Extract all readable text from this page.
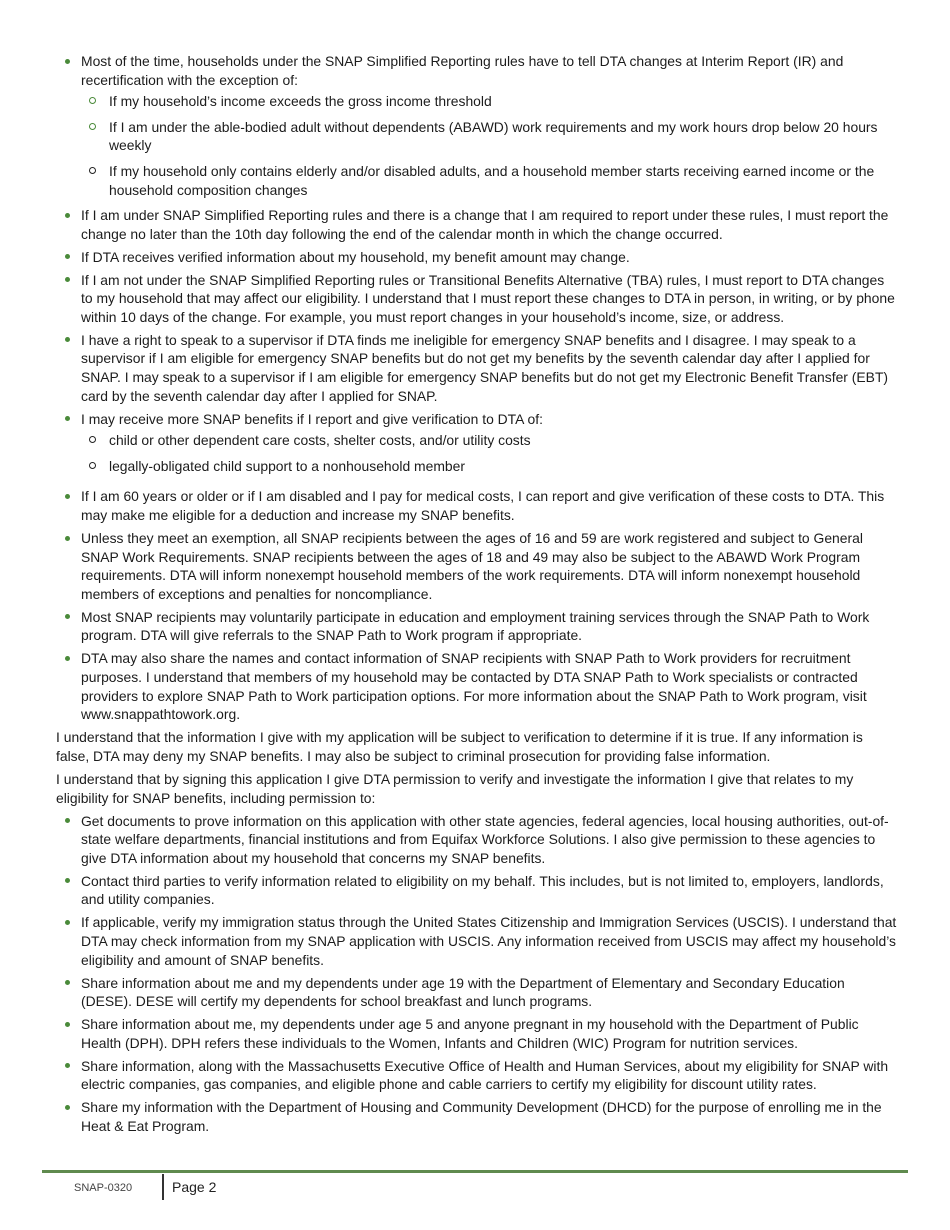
Most of the time, households under the SNAP Simplified Reporting rules have to tell DTA changes at Interim Report (IR) and recertification with the exception of:
If my household’s income exceeds the gross income threshold
If I am under the able-bodied adult without dependents (ABAWD) work requirements and my work hours drop below 20 hours weekly
If my household only contains elderly and/or disabled adults, and a household member starts receiving earned income or the household composition changes
If I am under SNAP Simplified Reporting rules and there is a change that I am required to report under these rules, I must report the change no later than the 10th day following the end of the calendar month in which the change occurred.
If DTA receives verified information about my household, my benefit amount may change.
If I am not under the SNAP Simplified Reporting rules or Transitional Benefits Alternative (TBA) rules, I must report to DTA changes to my household that may affect our eligibility. I understand that I must report these changes to DTA in person, in writing, or by phone within 10 days of the change. For example, you must report changes in your household’s income, size, or address.
I have a right to speak to a supervisor if DTA finds me ineligible for emergency SNAP benefits and I disagree. I may speak to a supervisor if I am eligible for emergency SNAP benefits but do not get my benefits by the seventh calendar day after I applied for SNAP. I may speak to a supervisor if I am eligible for emergency SNAP benefits but do not get my Electronic Benefit Transfer (EBT) card by the seventh calendar day after I applied for SNAP.
I may receive more SNAP benefits if I report and give verification to DTA of:
child or other dependent care costs, shelter costs, and/or utility costs
legally-obligated child support to a nonhousehold member
If I am 60 years or older or if I am disabled and I pay for medical costs, I can report and give verification of these costs to DTA. This may make me eligible for a deduction and increase my SNAP benefits.
Unless they meet an exemption, all SNAP recipients between the ages of 16 and 59 are work registered and subject to General SNAP Work Requirements. SNAP recipients between the ages of 18 and 49 may also be subject to the ABAWD Work Program requirements. DTA will inform nonexempt household members of the work requirements. DTA will inform nonexempt household members of exceptions and penalties for noncompliance.
Most SNAP recipients may voluntarily participate in education and employment training services through the SNAP Path to Work program. DTA will give referrals to the SNAP Path to Work program if appropriate.
DTA may also share the names and contact information of SNAP recipients with SNAP Path to Work providers for recruitment purposes. I understand that members of my household may be contacted by DTA SNAP Path to Work specialists or contracted providers to explore SNAP Path to Work participation options. For more information about the SNAP Path to Work program, visit www.snappathtowork.org.

I understand that the information I give with my application will be subject to verification to determine if it is true. If any information is false, DTA may deny my SNAP benefits. I may also be subject to criminal prosecution for providing false information.

I understand that by signing this application I give DTA permission to verify and investigate the information I give that relates to my eligibility for SNAP benefits, including permission to:

Get documents to prove information on this application with other state agencies, federal agencies, local housing authorities, out-of-state welfare departments, financial institutions and from Equifax Workforce Solutions. I also give permission to these agencies to give DTA information about my household that concerns my SNAP benefits.
Contact third parties to verify information related to eligibility on my behalf. This includes, but is not limited to, employers, landlords, and utility companies.
If applicable, verify my immigration status through the United States Citizenship and Immigration Services (USCIS). I understand that DTA may check information from my SNAP application with USCIS. Any information received from USCIS may affect my household’s eligibility and amount of SNAP benefits.
Share information about me and my dependents under age 19 with the Department of Elementary and Secondary Education (DESE). DESE will certify my dependents for school breakfast and lunch programs.
Share information about me, my dependents under age 5 and anyone pregnant in my household with the Department of Public Health (DPH). DPH refers these individuals to the Women, Infants and Children (WIC) Program for nutrition services.
Share information, along with the Massachusetts Executive Office of Health and Human Services, about my eligibility for SNAP with electric companies, gas companies, and eligible phone and cable carriers to certify my eligibility for discount utility rates.
Share my information with the Department of Housing and Community Development (DHCD) for the purpose of enrolling me in the Heat & Eat Program.
SNAP-0320	Page 2
